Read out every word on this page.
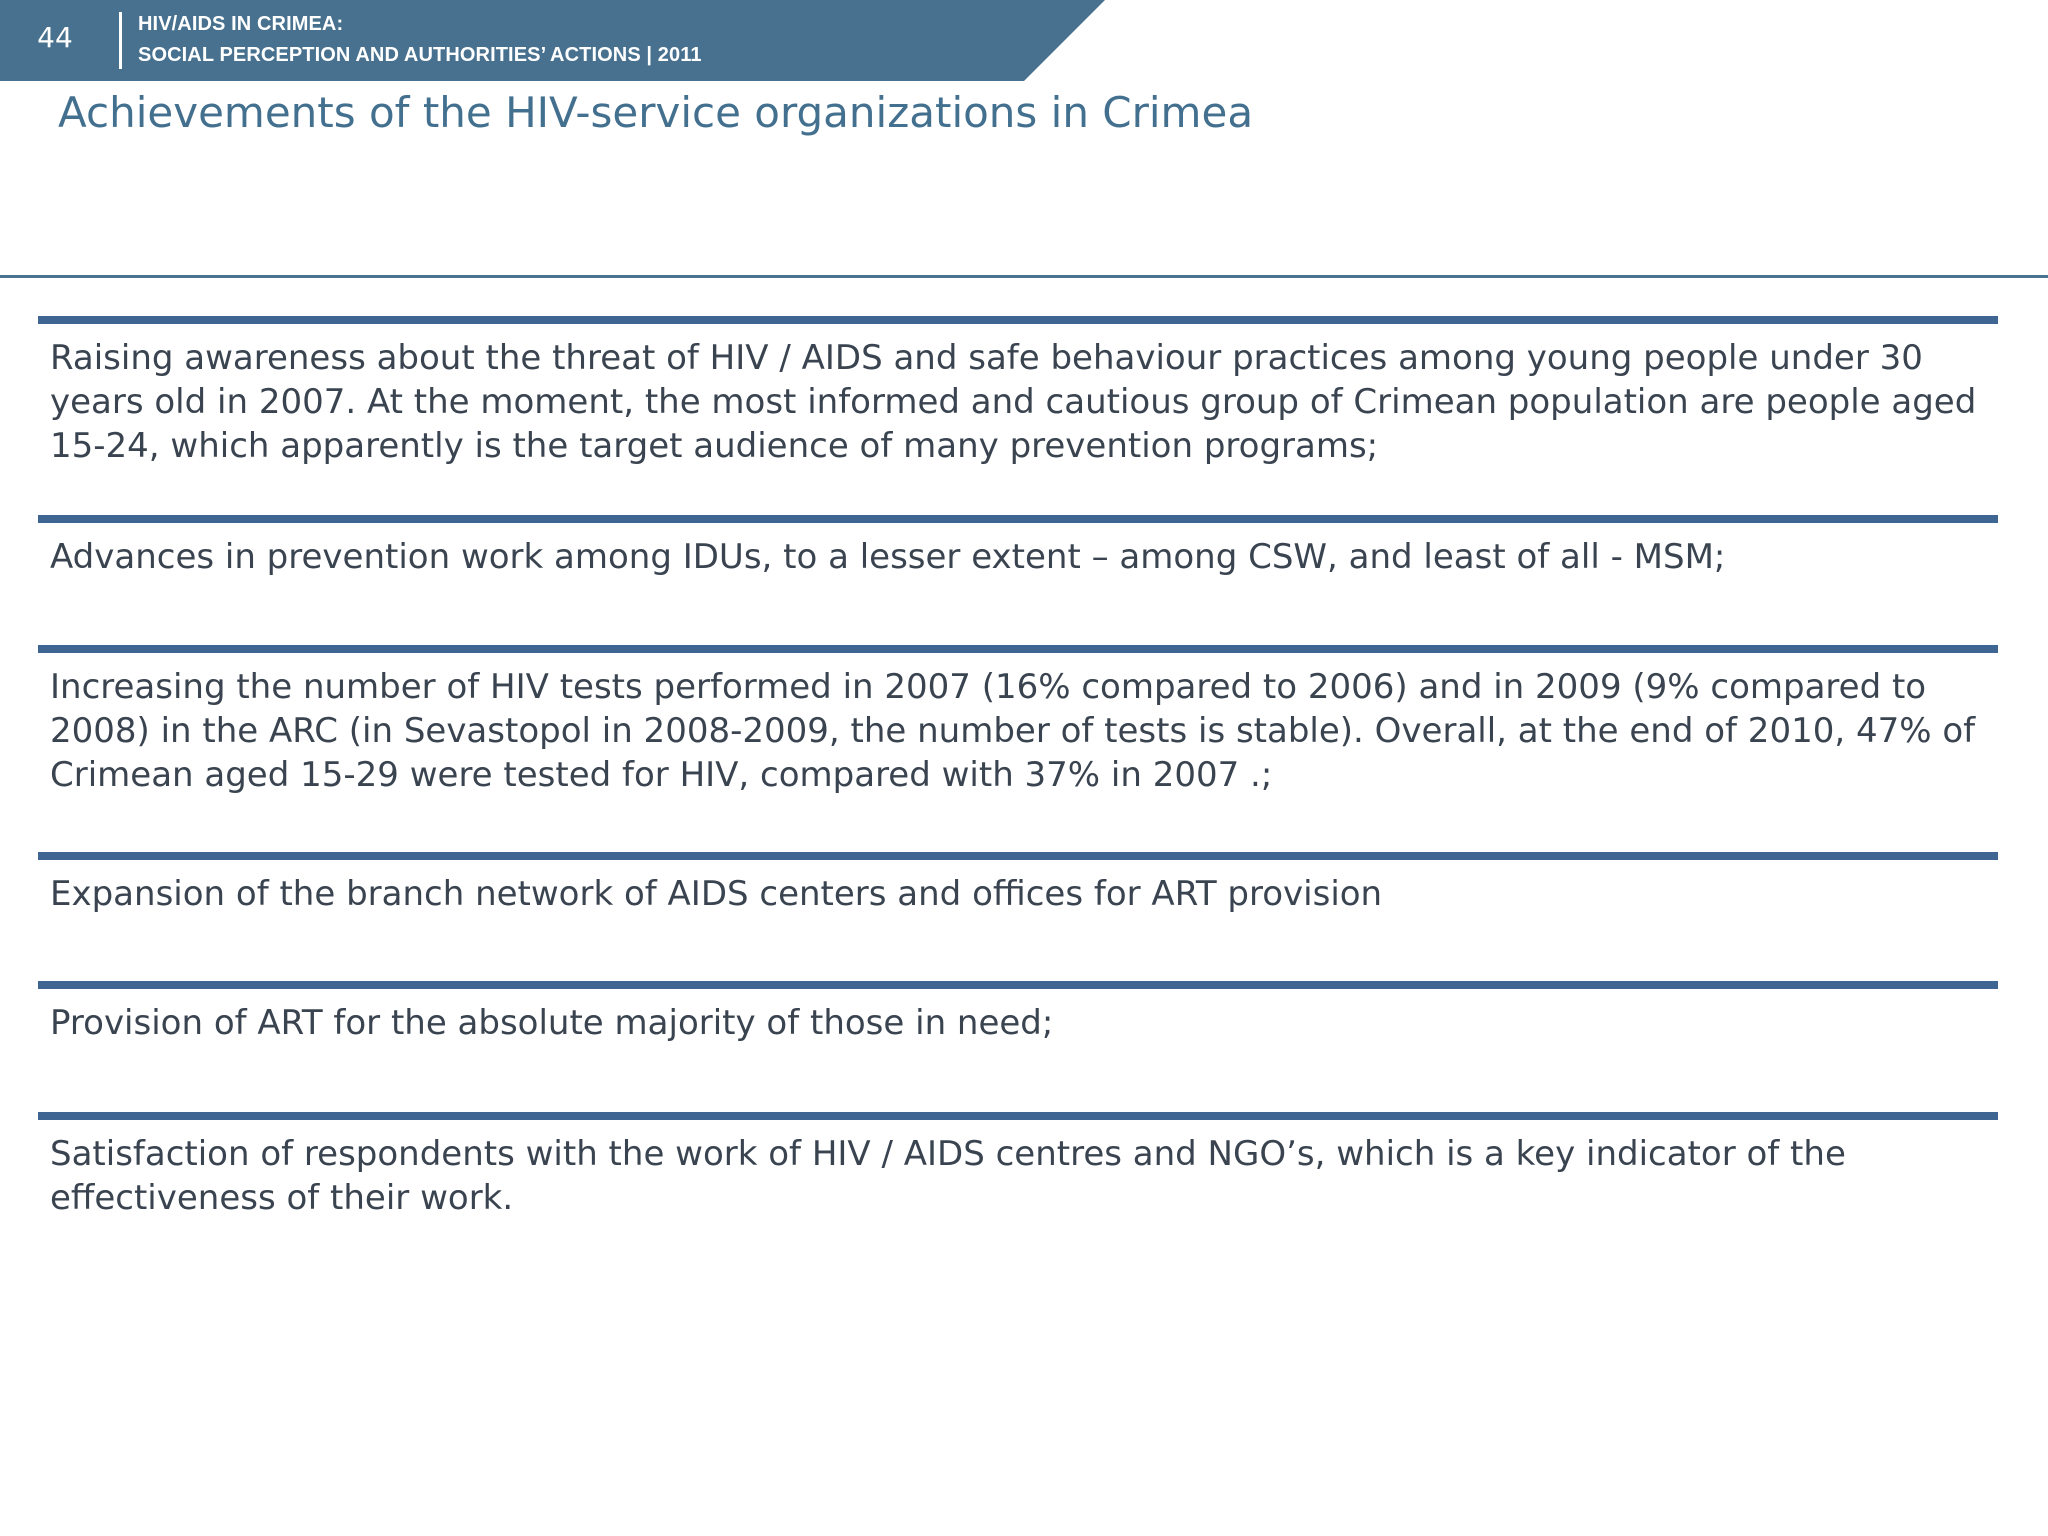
44	HIV/AIDS IN CRIMEA:
SOCIAL PERCEPTION AND AUTHORITIES’ ACTIONS | 2011
Achievements of the HIV-service organizations in Crimea

Raising awareness about the threat of HIV / AIDS and safe behaviour practices among young people under 30 years old in 2007. At the moment, the most informed and cautious group of Crimean population are people aged 15-24, which apparently is the target audience of many prevention programs;

Advances in prevention work among IDUs, to a lesser extent – among CSW, and least of all - MSM;

Increasing the number of HIV tests performed in 2007 (16% compared to 2006) and in 2009 (9% compared to 2008) in the ARC (in Sevastopol in 2008-2009, the number of tests is stable). Overall, at the end of 2010, 47% of Crimean aged 15-29 were tested for HIV, compared with 37% in 2007 .;

Expansion of the branch network of AIDS centers and offices for ART provision

Provision of ART for the absolute majority of those in need;

Satisfaction of respondents with the work of HIV / AIDS centres and NGO’s, which is a key indicator of the effectiveness of their work.
